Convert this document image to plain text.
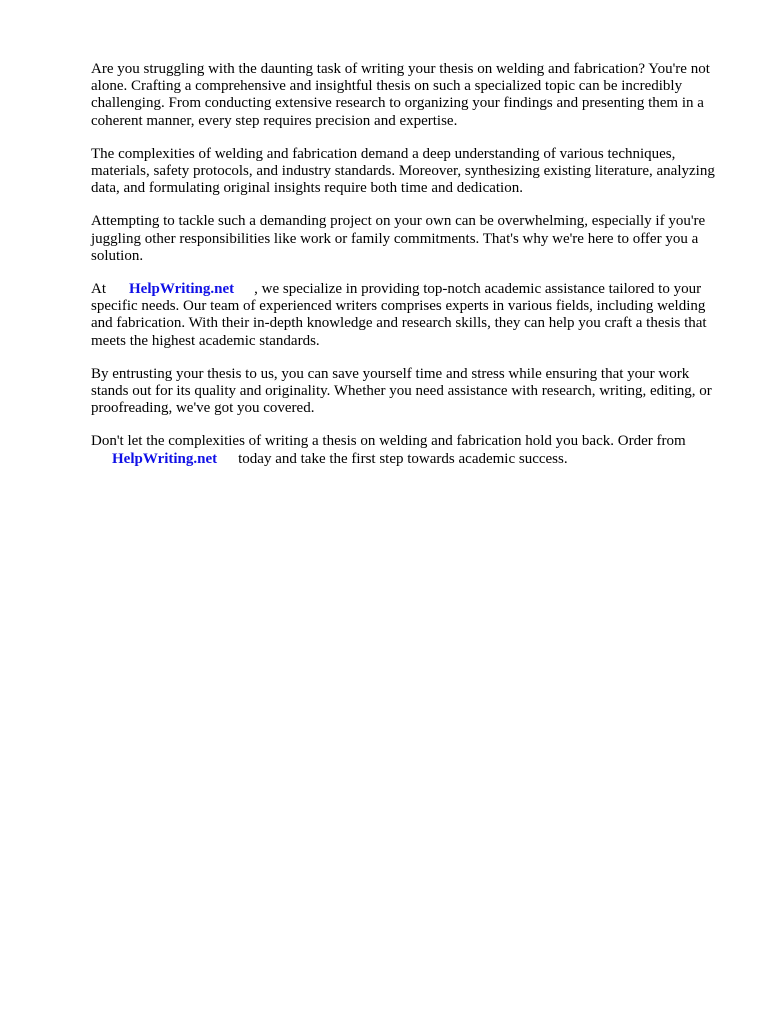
Are you struggling with the daunting task of writing your thesis on welding and fabrication? You're not alone. Crafting a comprehensive and insightful thesis on such a specialized topic can be incredibly challenging. From conducting extensive research to organizing your findings and presenting them in a coherent manner, every step requires precision and expertise.

The complexities of welding and fabrication demand a deep understanding of various techniques, materials, safety protocols, and industry standards. Moreover, synthesizing existing literature, analyzing data, and formulating original insights require both time and dedication.

Attempting to tackle such a demanding project on your own can be overwhelming, especially if you're juggling other responsibilities like work or family commitments. That's why we're here to offer you a solution.

At HelpWriting.net , we specialize in providing top-notch academic assistance tailored to your specific needs. Our team of experienced writers comprises experts in various fields, including welding and fabrication. With their in-depth knowledge and research skills, they can help you craft a thesis that meets the highest academic standards.

By entrusting your thesis to us, you can save yourself time and stress while ensuring that your work stands out for its quality and originality. Whether you need assistance with research, writing, editing, or proofreading, we've got you covered.

Don't let the complexities of writing a thesis on welding and fabrication hold you back. Order from
HelpWriting.net today and take the first step towards academic success.
